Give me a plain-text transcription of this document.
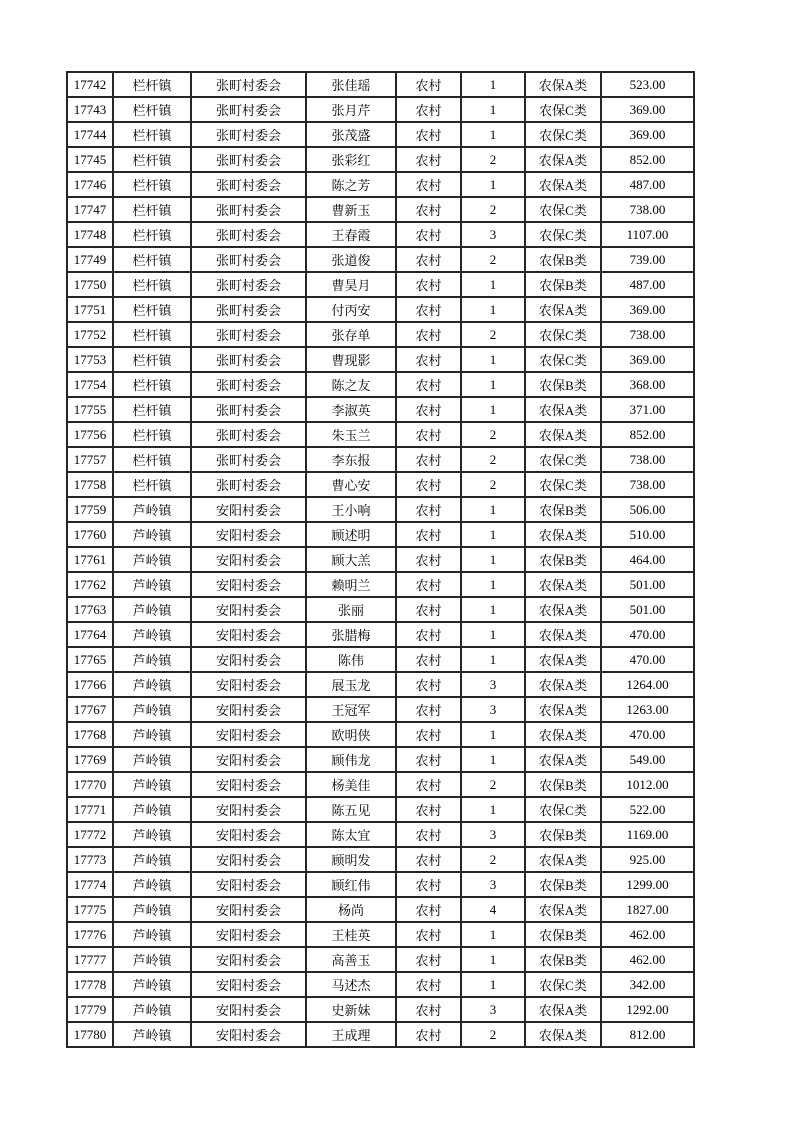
17742	栏杆镇	张町村委会	张佳瑶	农村	1	农保A类	523.00
17743	栏杆镇	张町村委会	张月芹	农村	1	农保C类	369.00
17744	栏杆镇	张町村委会	张茂盛	农村	1	农保C类	369.00
17745	栏杆镇	张町村委会	张彩红	农村	2	农保A类	852.00
17746	栏杆镇	张町村委会	陈之芳	农村	1	农保A类	487.00
17747	栏杆镇	张町村委会	曹新玉	农村	2	农保C类	738.00
17748	栏杆镇	张町村委会	王春霞	农村	3	农保C类	1107.00
17749	栏杆镇	张町村委会	张道俊	农村	2	农保B类	739.00
17750	栏杆镇	张町村委会	曹昊月	农村	1	农保B类	487.00
17751	栏杆镇	张町村委会	付丙安	农村	1	农保A类	369.00
17752	栏杆镇	张町村委会	张存单	农村	2	农保C类	738.00
17753	栏杆镇	张町村委会	曹现影	农村	1	农保C类	369.00
17754	栏杆镇	张町村委会	陈之友	农村	1	农保B类	368.00
17755	栏杆镇	张町村委会	李淑英	农村	1	农保A类	371.00
17756	栏杆镇	张町村委会	朱玉兰	农村	2	农保A类	852.00
17757	栏杆镇	张町村委会	李东报	农村	2	农保C类	738.00
17758	栏杆镇	张町村委会	曹心安	农村	2	农保C类	738.00
17759	芦岭镇	安阳村委会	王小响	农村	1	农保B类	506.00
17760	芦岭镇	安阳村委会	顾述明	农村	1	农保A类	510.00
17761	芦岭镇	安阳村委会	顾大羔	农村	1	农保B类	464.00
17762	芦岭镇	安阳村委会	赖明兰	农村	1	农保A类	501.00
17763	芦岭镇	安阳村委会	张丽	农村	1	农保A类	501.00
17764	芦岭镇	安阳村委会	张腊梅	农村	1	农保A类	470.00
17765	芦岭镇	安阳村委会	陈伟	农村	1	农保A类	470.00
17766	芦岭镇	安阳村委会	展玉龙	农村	3	农保A类	1264.00
17767	芦岭镇	安阳村委会	王冠军	农村	3	农保A类	1263.00
17768	芦岭镇	安阳村委会	欧明侠	农村	1	农保A类	470.00
17769	芦岭镇	安阳村委会	顾伟龙	农村	1	农保A类	549.00
17770	芦岭镇	安阳村委会	杨美佳	农村	2	农保B类	1012.00
17771	芦岭镇	安阳村委会	陈五见	农村	1	农保C类	522.00
17772	芦岭镇	安阳村委会	陈太宜	农村	3	农保B类	1169.00
17773	芦岭镇	安阳村委会	顾明发	农村	2	农保A类	925.00
17774	芦岭镇	安阳村委会	顾红伟	农村	3	农保B类	1299.00
17775	芦岭镇	安阳村委会	杨尚	农村	4	农保A类	1827.00
17776	芦岭镇	安阳村委会	王桂英	农村	1	农保B类	462.00
17777	芦岭镇	安阳村委会	高善玉	农村	1	农保B类	462.00
17778	芦岭镇	安阳村委会	马述杰	农村	1	农保C类	342.00
17779	芦岭镇	安阳村委会	史新妹	农村	3	农保A类	1292.00
17780	芦岭镇	安阳村委会	王成理	农村	2	农保A类	812.00
